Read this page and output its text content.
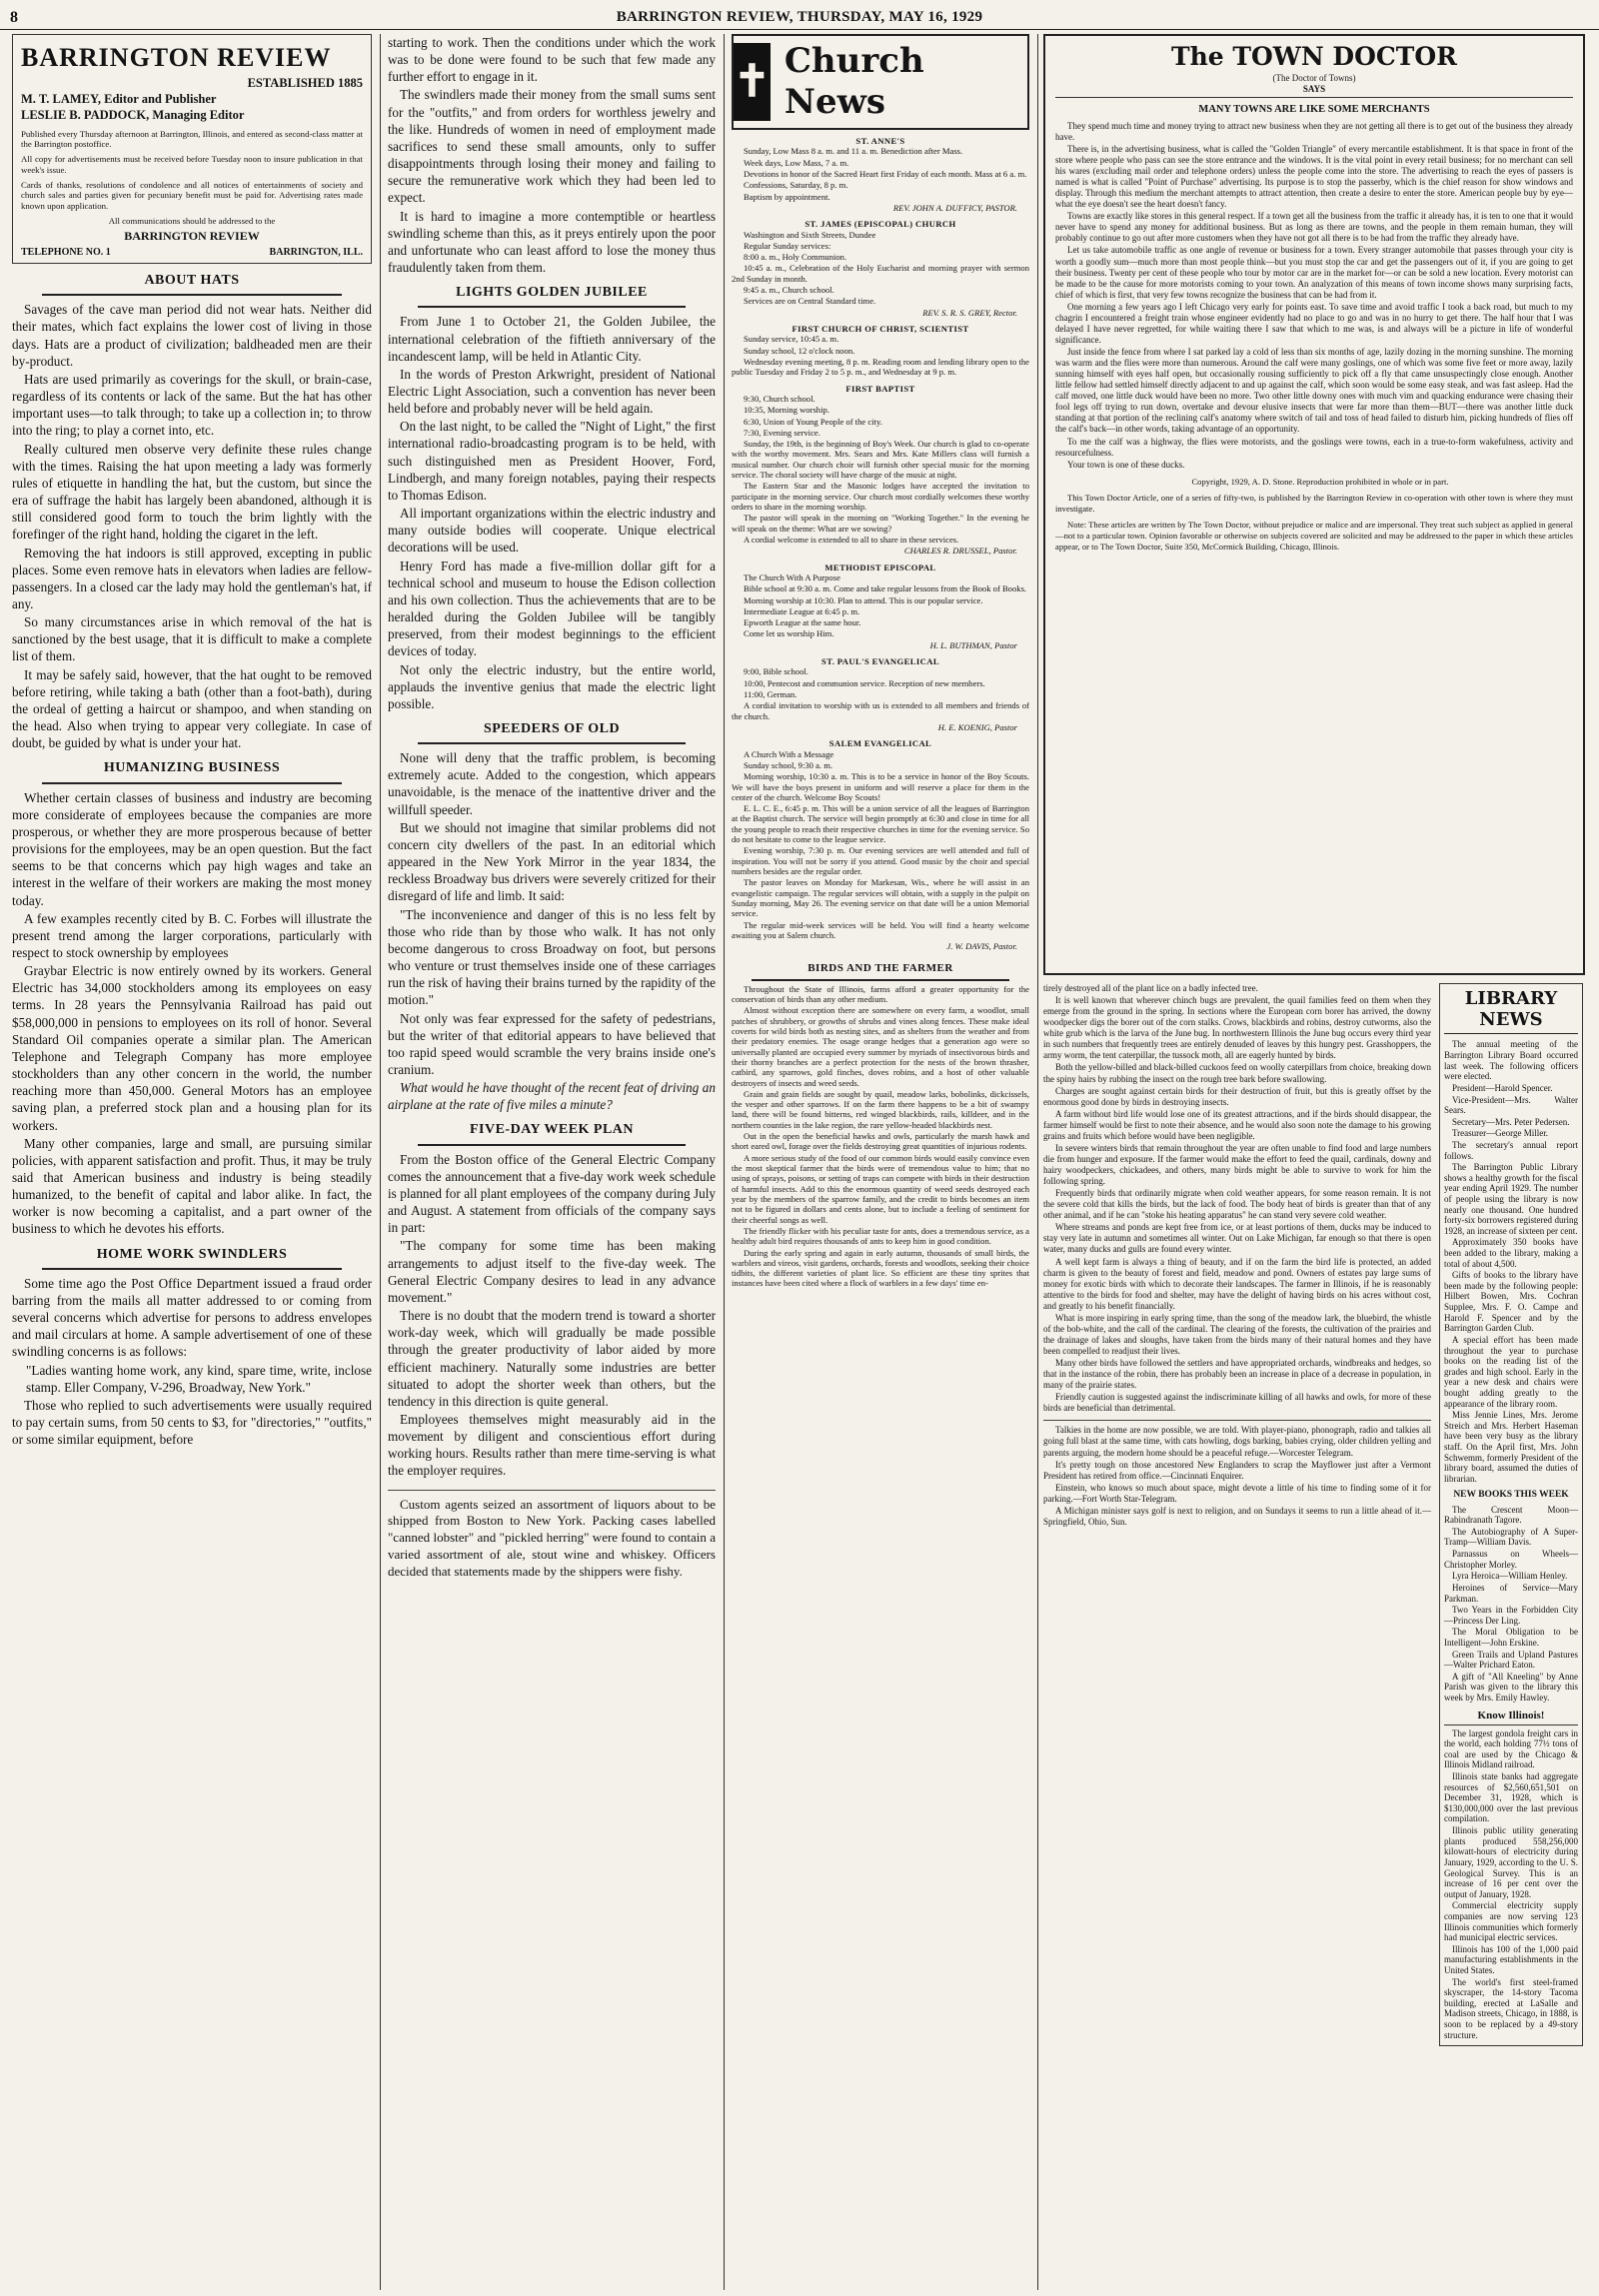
8	BARRINGTON REVIEW, THURSDAY, MAY 16, 1929
BARRINGTON REVIEW
ESTABLISHED 1885
M. T. LAMEY, Editor and Publisher
LESLIE B. PADDOCK, Managing Editor
Published every Thursday afternoon at Barrington, Illinois, and entered as second-class matter at the Barrington postoffice.
All copy for advertisements must be received before Tuesday noon to insure publication in that week's issue.
Cards of thanks, resolutions of condolence and all notices of entertainments of society and church sales and parties given for pecuniary benefit must be paid for. Advertising rates made known upon application.
All communications should be addressed to the
BARRINGTON REVIEW
TELEPHONE NO. 1	BARRINGTON, ILL.
ABOUT HATS

Savages of the cave man period did not wear hats. Neither did their mates, which fact explains the lower cost of living in those days. Hats are a product of civilization; baldheaded men are their by-product.

Hats are used primarily as coverings for the skull, or brain-case, regardless of its contents or lack of the same. But the hat has other important uses—to talk through; to take up a collection in; to throw into the ring; to play a cornet into, etc.

Really cultured men observe very definite these rules change with the times. Raising the hat upon meeting a lady was formerly rules of etiquette in handling the hat, but the custom, but since the era of suffrage the habit has largely been abandoned, although it is still considered good form to touch the brim lightly with the forefinger of the right hand, holding the cigaret in the left.

Removing the hat indoors is still approved, excepting in public places. Some even remove hats in elevators when ladies are fellow-passengers. In a closed car the lady may hold the gentleman's hat, if any.

So many circumstances arise in which removal of the hat is sanctioned by the best usage, that it is difficult to make a complete list of them.

It may be safely said, however, that the hat ought to be removed before retiring, while taking a bath (other than a foot-bath), during the ordeal of getting a haircut or shampoo, and when standing on the head. Also when trying to appear very collegiate. In case of doubt, be guided by what is under your hat.

HUMANIZING BUSINESS

Whether certain classes of business and industry are becoming more considerate of employees because the companies are more prosperous, or whether they are more prosperous because of better provisions for the employees, may be an open question. But the fact seems to be that concerns which pay high wages and take an interest in the welfare of their workers are making the most money today.

A few examples recently cited by B. C. Forbes will illustrate the present trend among the larger corporations, particularly with respect to stock ownership by employees

Graybar Electric is now entirely owned by its workers. General Electric has 34,000 stockholders among its employees on easy terms. In 28 years the Pennsylvania Railroad has paid out $58,000,000 in pensions to employees on its roll of honor. Several Standard Oil companies operate a similar plan. The American Telephone and Telegraph Company has more employee stockholders than any other concern in the world, the number reaching more than 450,000. General Motors has an employee saving plan, a preferred stock plan and a housing plan for its workers.

Many other companies, large and small, are pursuing similar policies, with apparent satisfaction and profit. Thus, it may be truly said that American business and industry is being steadily humanized, to the benefit of capital and labor alike. In fact, the worker is now becoming a capitalist, and a part owner of the business to which he devotes his efforts.

HOME WORK SWINDLERS

Some time ago the Post Office Department issued a fraud order barring from the mails all matter addressed to or coming from several concerns which advertise for persons to address envelopes and mail circulars at home. A sample advertisement of one of these swindling concerns is as follows:

"Ladies wanting home work, any kind, spare time, write, inclose stamp. Eller Company, V-296, Broadway, New York."

Those who replied to such advertisements were usually required to pay certain sums, from 50 cents to $3, for "directories," "outfits," or some similar equipment, before

starting to work. Then the conditions under which the work was to be done were found to be such that few made any further effort to engage in it.

The swindlers made their money from the small sums sent for the "outfits," and from orders for worthless jewelry and the like. Hundreds of women in need of employment made sacrifices to send these small amounts, only to suffer disappointments through losing their money and failing to secure the remunerative work which they had been led to expect.

It is hard to imagine a more contemptible or heartless swindling scheme than this, as it preys entirely upon the poor and unfortunate who can least afford to lose the money thus fraudulently taken from them.

LIGHTS GOLDEN JUBILEE

From June 1 to October 21, the Golden Jubilee, the international celebration of the fiftieth anniversary of the incandescent lamp, will be held in Atlantic City.

In the words of Preston Arkwright, president of National Electric Light Association, such a convention has never been held before and probably never will be held again.

On the last night, to be called the "Night of Light," the first international radio-broadcasting program is to be held, with such distinguished men as President Hoover, Ford, Lindbergh, and many foreign notables, paying their respects to Thomas Edison.

All important organizations within the electric industry and many outside bodies will cooperate. Unique electrical decorations will be used.

Henry Ford has made a five-million dollar gift for a technical school and museum to house the Edison collection and his own collection. Thus the achievements that are to be heralded during the Golden Jubilee will be tangibly preserved, from their modest beginnings to the efficient devices of today.

Not only the electric industry, but the entire world, applauds the inventive genius that made the electric light possible.

SPEEDERS OF OLD

None will deny that the traffic problem, is becoming extremely acute. Added to the congestion, which appears unavoidable, is the menace of the inattentive driver and the willfull speeder.

But we should not imagine that similar problems did not concern city dwellers of the past. In an editorial which appeared in the New York Mirror in the year 1834, the reckless Broadway bus drivers were severely critized for their disregard of life and limb. It said:

"The inconvenience and danger of this is no less felt by those who ride than by those who walk. It has not only become dangerous to cross Broadway on foot, but persons who venture or trust themselves inside one of these carriages run the risk of having their brains turned by the rapidity of the motion."

Not only was fear expressed for the safety of pedestrians, but the writer of that editorial appears to have believed that too rapid speed would scramble the very brains inside one's cranium.

What would he have thought of the recent feat of driving an airplane at the rate of five miles a minute?

FIVE-DAY WEEK PLAN

From the Boston office of the General Electric Company comes the announcement that a five-day work week schedule is planned for all plant employees of the company during July and August. A statement from officials of the company says in part:

"The company for some time has been making arrangements to adjust itself to the five-day week. The General Electric Company desires to lead in any advance movement."

There is no doubt that the modern trend is toward a shorter work-day week, which will gradually be made possible through the greater productivity of labor aided by more efficient machinery. Naturally some industries are better situated to adopt the shorter week than others, but the tendency in this direction is quite general.

Employees themselves might measurably aid in the movement by diligent and conscientious effort during working hours. Results rather than mere time-serving is what the employer requires.

Custom agents seized an assortment of liquors about to be shipped from Boston to New York. Packing cases labelled "canned lobster" and "pickled herring" were found to contain a varied assortment of ale, stout wine and whiskey. Officers decided that statements made by the shippers were fishy.

✝ Church News
ST. ANNE'S

Sunday, Low Mass 8 a. m. and 11 a. m. Benediction after Mass.

Week days, Low Mass, 7 a. m.

Devotions in honor of the Sacred Heart first Friday of each month. Mass at 6 a. m.

Confessions, Saturday, 8 p. m.

Baptism by appointment.

REV. JOHN A. DUFFICY, PASTOR.
ST. JAMES (EPISCOPAL) CHURCH

Washington and Sixth Streets, Dundee

Regular Sunday services:

8:00 a. m., Holy Communion.

10:45 a. m., Celebration of the Holy Eucharist and morning prayer with sermon 2nd Sunday in month.

9:45 a. m., Church school.

Services are on Central Standard time.

REV. S. R. S. GREY, Rector.
FIRST CHURCH OF CHRIST, SCIENTIST

Sunday service, 10:45 a. m.

Sunday school, 12 o'clock noon.

Wednesday evening meeting, 8 p. m. Reading room and lending library open to the public Tuesday and Friday 2 to 5 p. m., and Wednesday at 9 p. m.

FIRST BAPTIST

9:30, Church school.

10:35, Morning worship.

6:30, Union of Young People of the city.

7:30, Evening service.

Sunday, the 19th, is the beginning of Boy's Week. Our church is glad to co-operate with the worthy movement. Mrs. Sears and Mrs. Kate Millers class will furnish a musical number. Our church choir will furnish other special music for the morning service. The choral society will have charge of the music at night.

The Eastern Star and the Masonic lodges have accepted the invitation to participate in the morning service. Our church most cordially welcomes these worthy orders to share in the morning worship.

The pastor will speak in the morning on "Working Together." In the evening he will speak on the theme: What are we sowing?

A cordial welcome is extended to all to share in these services.

CHARLES R. DRUSSEL, Pastor.
METHODIST EPISCOPAL

The Church With A Purpose

Bible school at 9:30 a. m. Come and take regular lessons from the Book of Books.

Morning worship at 10:30. Plan to attend. This is our popular service.

Intermediate League at 6:45 p. m.

Epworth League at the same hour.

Come let us worship Him.

H. L. BUTHMAN, Pastor
ST. PAUL'S EVANGELICAL

9:00, Bible school.

10:00, Pentecost and communion service. Reception of new members.

11:00, German.

A cordial invitation to worship with us is extended to all members and friends of the church.

H. E. KOENIG, Pastor
SALEM EVANGELICAL

A Church With a Message

Sunday school, 9:30 a. m.

Morning worship, 10:30 a. m. This is to be a service in honor of the Boy Scouts. We will have the boys present in uniform and will reserve a place for them in the center of the church. Welcome Boy Scouts!

E. L. C. E., 6:45 p. m. This will be a union service of all the leagues of Barrington at the Baptist church. The service will begin promptly at 6:30 and close in time for all the young people to reach their respective churches in time for the evening service. So do not hesitate to come to the league service.

Evening worship, 7:30 p. m. Our evening services are well attended and full of inspiration. You will not be sorry if you attend. Good music by the choir and special numbers besides are the regular order.

The pastor leaves on Monday for Markesan, Wis., where he will assist in an evangelistic campaign. The regular services will obtain, with a supply in the pulpit on Sunday morning, May 26. The evening service on that date will be a union Memorial service.

The regular mid-week services will be held. You will find a hearty welcome awaiting you at Salem church.

J. W. DAVIS, Pastor.
BIRDS AND THE FARMER

Throughout the State of Illinois, farms afford a greater opportunity for the conservation of birds than any other medium.

Almost without exception there are somewhere on every farm, a woodlot, small patches of shrubbery, or growths of shrubs and vines along fences. These make ideal coverts for wild birds both as nesting sites, and as shelters from the weather and from their predatory enemies. The osage orange hedges that a generation ago were so universally planted are occupied every summer by myriads of insectivorous birds and their thorny branches are a perfect protection for the nests of the brown thrasher, catbird, any sparrows, gold finches, doves robins, and a host of other valuable destroyers of insects and weed seeds.

Grain and grain fields are sought by quail, meadow larks, bobolinks, dickcissels, the vesper and other sparrows. If on the farm there happens to be a bit of swampy land, there will be found bitterns, red winged blackbirds, rails, killdeer, and in the northern counties in the lake region, the rare yellow-headed blackbirds nest.

Out in the open the beneficial hawks and owls, particularly the marsh hawk and short eared owl, forage over the fields destroying great quantities of injurious rodents.

A more serious study of the food of our common birds would easily convince even the most skeptical farmer that the birds were of tremendous value to him; that no using of sprays, poisons, or setting of traps can compete with birds in their destruction of harmful insects. Add to this the enormous quantity of weed seeds destroyed each year by the members of the sparrow family, and the credit to birds becomes an item not to be figured in dollars and cents alone, but to include a feeling of sentiment for their cheerful songs as well.

The friendly flicker with his peculiar taste for ants, does a tremendous service, as a healthy adult bird requires thousands of ants to keep him in good condition.

During the early spring and again in early autumn, thousands of small birds, the warblers and vireos, visit gardens, orchards, forests and woodlots, seeking their choice tidbits, the different varieties of plant lice. So efficient are these tiny sprites that instances have been cited where a flock of warblers in a few days' time en-

The TOWN DOCTOR
(The Doctor of Towns)
SAYS
MANY TOWNS ARE LIKE SOME MERCHANTS

They spend much time and money trying to attract new business when they are not getting all there is to get out of the business they already have.

There is, in the advertising business, what is called the "Golden Triangle" of every mercantile establishment. It is that space in front of the store where people who pass can see the store entrance and the windows. It is the vital point in every retail business; for no merchant can sell his wares (excluding mail order and telephone orders) unless the people come into the store. The advertising to reach the eyes of passers is named is what is called "Point of Purchase" advertising. Its purpose is to stop the passerby, which is the chief reason for show windows and display. Through this medium the merchant attempts to attract attention, then create a desire to enter the store. American people buy by eye—what the eye doesn't see the heart doesn't fancy.

Towns are exactly like stores in this general respect. If a town get all the business from the traffic it already has, it is ten to one that it would never have to spend any money for additional business. But as long as there are towns, and the people in them remain human, they will probably continue to go out after more customers when they have not got all there is to be had from the traffic they already have.

Let us take automobile traffic as one angle of revenue or business for a town. Every stranger automobile that passes through your city is worth a goodly sum—much more than most people think—but you must stop the car and get the passengers out of it, if you are going to get their business. Twenty per cent of these people who tour by motor car are in the market for—or can be sold a new location. Every motorist can be made to be the cause for more motorists coming to your town. An analyzation of this means of town income shows many surprising facts, chief of which is first, that very few towns recognize the business that can be had from it.

One morning a few years ago I left Chicago very early for points east. To save time and avoid traffic I took a back road, but much to my chagrin I encountered a freight train whose engineer evidently had no place to go and was in no hurry to get there. The half hour that I was delayed I have never regretted, for while waiting there I saw that which to me was, is and always will be a picture in life of wonderful significance.

Just inside the fence from where I sat parked lay a cold of less than six months of age, lazily dozing in the morning sunshine. The morning was warm and the flies were more than numerous. Around the calf were many goslings, one of which was some five feet or more away, lazily sunning himself with eyes half open, but occasionally rousing sufficiently to pick off a fly that came unsuspectingly close enough. Another little fellow had settled himself directly adjacent to and up against the calf, which soon would be some easy steak, and was fast asleep. Had the calf moved, one little duck would have been no more. Two other little downy ones with much vim and quacking endurance were chasing their fool legs off trying to run down, overtake and devour elusive insects that were far more than them—BUT—there was another little duck standing at that portion of the reclining calf's anatomy where switch of tail and toss of head failed to disturb him, picking hundreds of flies off the calf's back—in other words, taking advantage of an opportunity.

To me the calf was a highway, the flies were motorists, and the goslings were towns, each in a true-to-form wakefulness, activity and resourcefulness.

Your town is one of these ducks.

Copyright, 1929, A. D. Stone. Reproduction prohibited in whole or in part.

This Town Doctor Article, one of a series of fifty-two, is published by the Barrington Review in co-operation with other town is where they must investigate.

Note: These articles are written by The Town Doctor, without prejudice or malice and are impersonal. They treat such subject as applied in general—not to a particular town. Opinion favorable or otherwise on subjects covered are solicited and may be addressed to the paper in which these articles appear, or to The Town Doctor, Suite 350, McCormick Building, Chicago, Illinois.

tirely destroyed all of the plant lice on a badly infected tree.

It is well known that wherever chinch bugs are prevalent, the quail families feed on them when they emerge from the ground in the spring. In sections where the European corn borer has arrived, the downy woodpecker digs the borer out of the corn stalks. Crows, blackbirds and robins, destroy cutworms, also the white grub which is the larva of the June bug. In northwestern Illinois the June bug occurs every third year in such numbers that frequently trees are entirely denuded of leaves by this hungry pest. Grasshoppers, the army worm, the tent caterpillar, the tussock moth, all are eagerly hunted by birds.

Both the yellow-billed and black-billed cuckoos feed on woolly caterpillars from choice, breaking down the spiny hairs by rubbing the insect on the rough tree bark before swallowing.

Charges are sought against certain birds for their destruction of fruit, but this is greatly offset by the enormous good done by birds in destroying insects.

A farm without bird life would lose one of its greatest attractions, and if the birds should disappear, the farmer himself would be first to note their absence, and he would also soon note the damage to his growing grains and fruits which before would have been negligible.

In severe winters birds that remain throughout the year are often unable to find food and large numbers die from hunger and exposure. If the farmer would make the effort to feed the quail, cardinals, downy and hairy woodpeckers, chickadees, and others, many birds might be able to survive to work for him the following spring.

Frequently birds that ordinarily migrate when cold weather appears, for some reason remain. It is not the severe cold that kills the birds, but the lack of food. The body heat of birds is greater than that of any other animal, and if he can "stoke his heating apparatus" he can stand very severe cold weather.

Where streams and ponds are kept free from ice, or at least portions of them, ducks may be induced to stay very late in autumn and sometimes all winter. Out on Lake Michigan, far enough so that there is open water, many ducks and gulls are found every winter.

A well kept farm is always a thing of beauty, and if on the farm the bird life is protected, an added charm is given to the beauty of forest and field, meadow and pond. Owners of estates pay large sums of money for exotic birds with which to decorate their landscapes. The farmer in Illinois, if he is reasonably attentive to the birds for food and shelter, may have the delight of having birds on his acres without cost, and greatly to his benefit financially.

What is more inspiring in early spring time, than the song of the meadow lark, the bluebird, the whistle of the bob-white, and the call of the cardinal. The clearing of the forests, the cultivation of the prairies and the drainage of lakes and sloughs, have taken from the birds many of their natural homes and they have been compelled to readjust their lives.

Many other birds have followed the settlers and have appropriated orchards, windbreaks and hedges, so that in the instance of the robin, there has probably been an increase in place of a decrease in population, in many of the prairie states.

Friendly caution is suggested against the indiscriminate killing of all hawks and owls, for more of these birds are beneficial than detrimental.

Talkies in the home are now possible, we are told. With player-piano, phonograph, radio and talkies all going full blast at the same time, with cats howling, dogs barking, babies crying, older children yelling and parents arguing, the modern home should be a peaceful refuge.—Worcester Telegram.

It's pretty tough on those ancestored New Englanders to scrap the Mayflower just after a Vermont President has retired from office.—Cincinnati Enquirer.

Einstein, who knows so much about space, might devote a little of his time to finding some of it for parking.—Fort Worth Star-Telegram.

A Michigan minister says golf is next to religion, and on Sundays it seems to run a little ahead of it.—Springfield, Ohio, Sun.

LIBRARY NEWS

The annual meeting of the Barrington Library Board occurred last week. The following officers were elected.

President—Harold Spencer.

Vice-President—Mrs. Walter Sears.

Secretary—Mrs. Peter Pedersen.

Treasurer—George Miller.

The secretary's annual report follows.

The Barrington Public Library shows a healthy growth for the fiscal year ending April 1929. The number of people using the library is now nearly one thousand. One hundred forty-six borrowers registered during 1928, an increase of sixteen per cent.

Approximately 350 books have been added to the library, making a total of about 4,500.

Gifts of books to the library have been made by the following people: Hilbert Bowen, Mrs. Cochran Supplee, Mrs. F. O. Campe and Harold F. Spencer and by the Barrington Garden Club.

A special effort has been made throughout the year to purchase books on the reading list of the grades and high school. Early in the year a new desk and chairs were bought adding greatly to the appearance of the library room.

Miss Jennie Lines, Mrs. Jerome Streich and Mrs. Herbert Haseman have been very busy as the library staff. On the April first, Mrs. John Schwemm, formerly President of the library board, assumed the duties of librarian.

NEW BOOKS THIS WEEK

The Crescent Moon—Rabindranath Tagore.

The Autobiography of A Super-Tramp—William Davis.

Parnassus on Wheels—Christopher Morley.

Lyra Heroica—William Henley.

Heroines of Service—Mary Parkman.

Two Years in the Forbidden City—Princess Der Ling.

The Moral Obligation to be Intelligent—John Erskine.

Green Trails and Upland Pastures—Walter Prichard Eaton.

A gift of "All Kneeling" by Anne Parish was given to the library this week by Mrs. Emily Hawley.

Know Illinois!

The largest gondola freight cars in the world, each holding 77½ tons of coal are used by the Chicago & Illinois Midland railroad.

Illinois state banks had aggregate resources of $2,560,651,501 on December 31, 1928, which is $130,000,000 over the last previous compilation.

Illinois public utility generating plants produced 558,256,000 kilowatt-hours of electricity during January, 1929, according to the U. S. Geological Survey. This is an increase of 16 per cent over the output of January, 1928.

Commercial electricity supply companies are now serving 123 Illinois communities which formerly had municipal electric services.

Illinois has 100 of the 1,000 paid manufacturing establishments in the United States.

The world's first steel-framed skyscraper, the 14-story Tacoma building, erected at LaSalle and Madison streets, Chicago, in 1888, is soon to be replaced by a 49-story structure.
